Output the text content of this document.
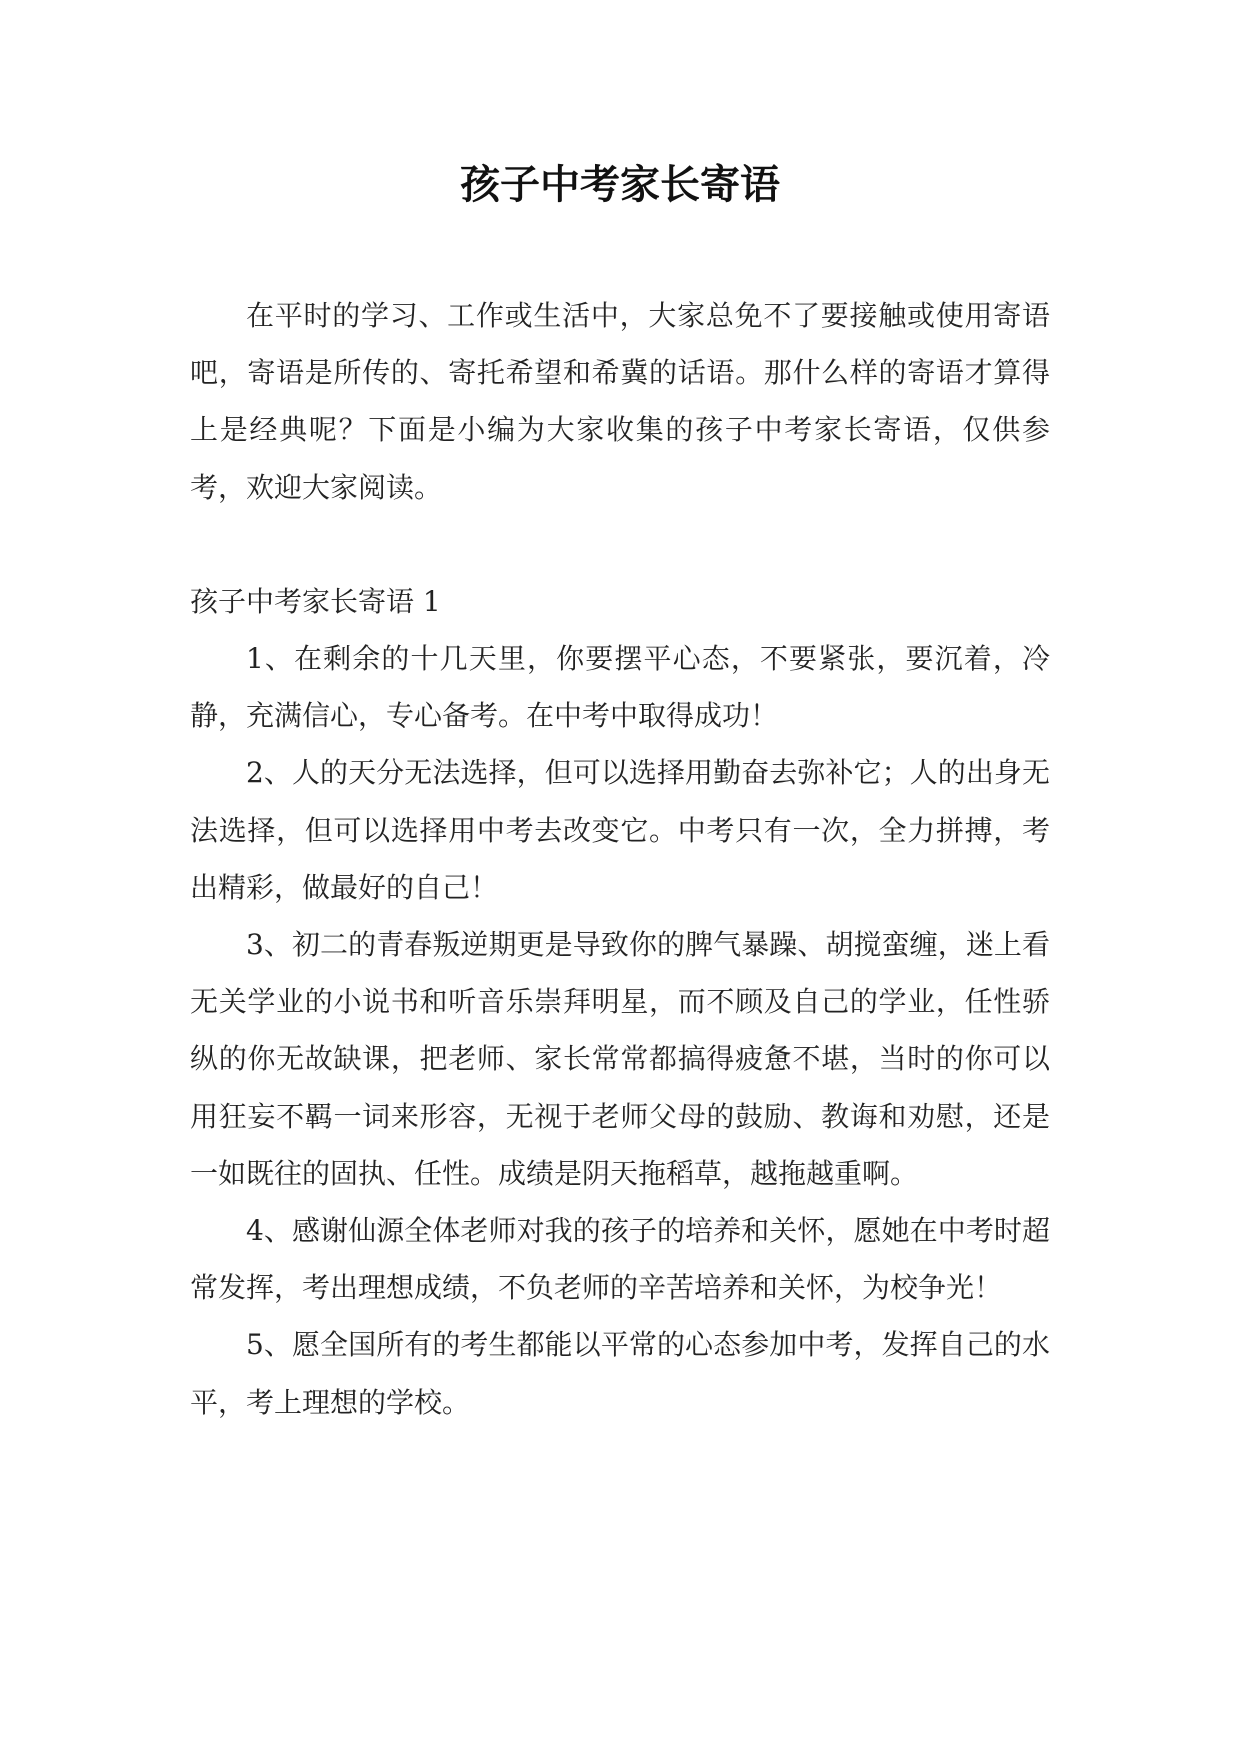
孩子中考家长寄语

在平时的学习、工作或生活中，大家总免不了要接触或使用寄语吧，寄语是所传的、寄托希望和希冀的话语。那什么样的寄语才算得上是经典呢？下面是小编为大家收集的孩子中考家长寄语，仅供参考，欢迎大家阅读。

孩子中考家长寄语 1

1、在剩余的十几天里，你要摆平心态，不要紧张，要沉着，冷静，充满信心，专心备考。在中考中取得成功！

2、人的天分无法选择，但可以选择用勤奋去弥补它；人的出身无法选择，但可以选择用中考去改变它。中考只有一次，全力拼搏，考出精彩，做最好的自己！

3、初二的青春叛逆期更是导致你的脾气暴躁、胡搅蛮缠，迷上看无关学业的小说书和听音乐崇拜明星，而不顾及自己的学业，任性骄纵的你无故缺课，把老师、家长常常都搞得疲惫不堪，当时的你可以用狂妄不羁一词来形容，无视于老师父母的鼓励、教诲和劝慰，还是一如既往的固执、任性。成绩是阴天拖稻草，越拖越重啊。

4、感谢仙源全体老师对我的孩子的培养和关怀，愿她在中考时超常发挥，考出理想成绩，不负老师的辛苦培养和关怀，为校争光！

5、愿全国所有的考生都能以平常的心态参加中考，发挥自己的水平，考上理想的学校。
